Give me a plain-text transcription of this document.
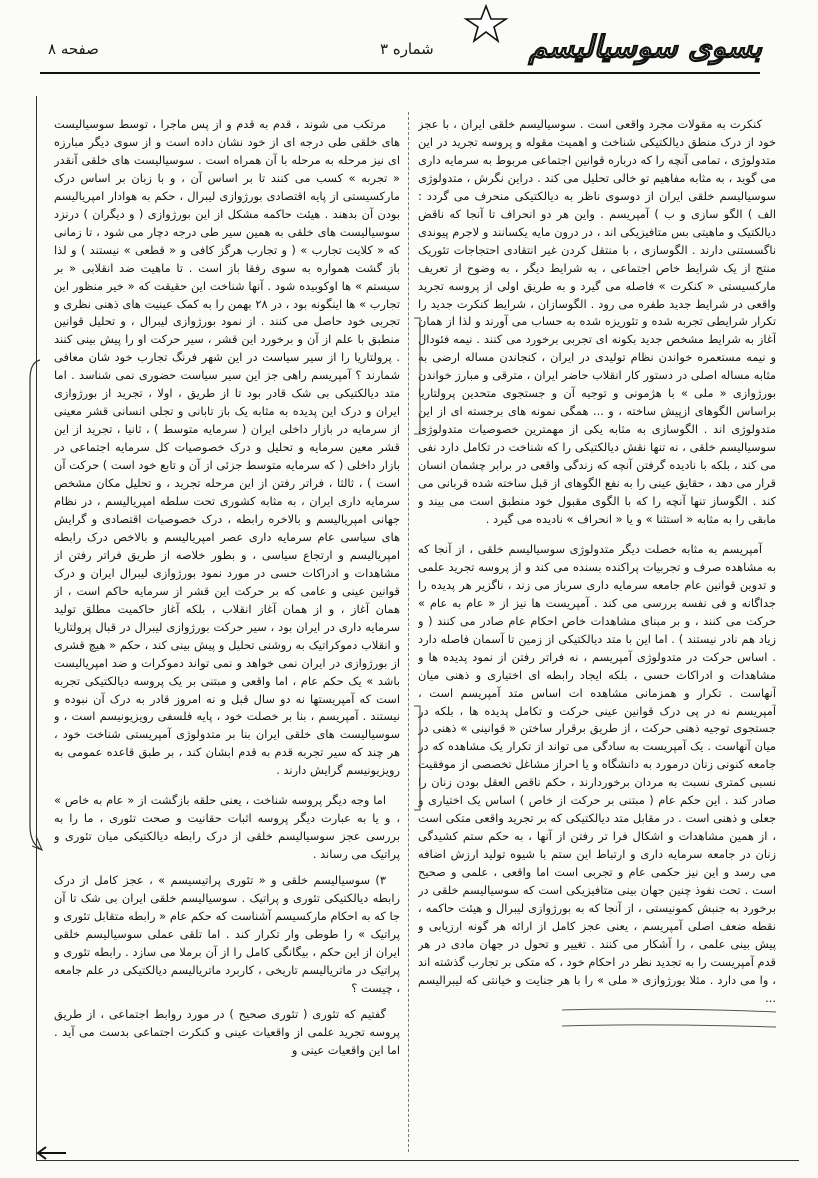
صفحه ۸	شماره ۳	بسوی سوسیالیسم

کنکرت به مقولات مجرد واقعی است . سوسیالیسم خلقی ایران ، با عجز خود از درک منطق دیالکتیکی شناخت و اهمیت مقوله و پروسه تجرید در این متدولوژی ، تمامی آنچه را که درباره قوانین اجتماعی مربوط به سرمایه داری می گوید ، به مثابه مفاهیم تو خالی تحلیل می کند . دراین نگرش ، متدولوژی سوسیالیسم خلقی ایران از دوسوی ناظر به دیالکتیکی منحرف می گردد : الف ) الگو سازی و ب ) آمپریسم . واین هر دو انحراف تا آنجا که ناقض دیالکتیک و ماهیتی بس متافیزیکی اند ، در درون مایه یکسانند و لاجرم پیوندی ناگسستنی دارند . الگوسازی ، با منتقل کردن غیر انتقادی احتجاجات تئوریک منتج از یک شرایط خاص اجتماعی ، به شرایط دیگر ، به وضوح از تعریف مارکسیستی « کنکرت » فاصله می گیرد و به طریق اولی از پروسه تجرید واقعی در شرایط جدید طفره می رود . الگوسازان ، شرایط کنکرت جدید را تکرار شرایطی تجربه شده و تئوریزه شده به حساب می آورند و لذا از همان آغاز به شرایط مشخص جدید بکونه ای تجربی برخورد می کنند . نیمه فئودال و نیمه مستعمره خواندن نظام تولیدی در ایران ، کنجاندن مساله ارضی به مثابه مساله اصلی در دستور کار انقلاب حاضر ایران ، مترقی و مبارز خواندن بورژوازی « ملی » با هژمونی و توجیه آن و جستجوی متحدین پرولتاریا براساس الگوهای ازپیش ساخته ، و ... همگی نمونه های برجسته ای از این متدولوژی اند . الگوسازی به مثابه یکی از مهمترین خصوصیات متدولوژی سوسیالیسم خلقی ، نه تنها نقش دیالکتیکی را که شناخت در تکامل دارد نفی می کند ، بلکه با نادیده گرفتن آنچه که زندگی واقعی در برابر چشمان انسان قرار می دهد ، حقایق عینی را به نفع الگوهای از قبل ساخته شده قربانی می کند . الگوساز تنها آنچه را که با الگوی مقبول خود منطبق است می بیند و مابقی را به مثابه « استثنا » و یا « انحراف » نادیده می گیرد .

آمپریسم به مثابه خصلت دیگر متدولوژی سوسیالیسم خلقی ، از آنجا که به مشاهده صرف و تجربیات پراکنده بسنده می کند و از پروسه تجرید علمی و تدوین قوانین عام جامعه سرمایه داری سرباز می زند ، ناگزیر هر پدیده را جداگانه و فی نفسه بررسی می کند . آمپریست ها نیز از « عام به عام » حرکت می کنند ، و بر مبنای مشاهدات خاص احکام عام صادر می کنند ( و زیاد هم نادر نیستند ) . اما این با متد دیالکتیکی از زمین تا آسمان فاصله دارد . اساس حرکت در متدولوژی آمپریسم ، نه فراتر رفتن از نمود پدیده ها و مشاهدات و ادراکات حسی ، بلکه ایجاد رابطه ای اختیاری و ذهنی میان آنهاست . تکرار و همزمانی مشاهده ات اساس متد آمپریسم است ، آمپریسم نه در پی درک قوانین عینی حرکت و تکامل پدیده ها ، بلکه در جستجوی توجیه ذهنی حرکت ، از طریق برقرار ساختن « قوانینی » ذهنی در میان آنهاست . یک آمپریست به سادگی می تواند از تکرار یک مشاهده که در جامعه کنونی زنان درمورد به دانشگاه و یا احراز مشاغل تخصصی از موفقیت نسبی کمتری نسبت به مردان برخوردارند ، حکم ناقص العقل بودن زنان را صادر کند . این حکم عام ( مبتنی بر حرکت از خاص ) اساس یک اختیاری و جعلی و ذهنی است . در مقابل متد دیالکتیکی که بر تجرید واقعی متکی است ، از همین مشاهدات و اشکال فرا تر رفتن از آنها ، به حکم ستم کشیدگی زنان در جامعه سرمایه داری و ارتباط این ستم با شیوه تولید ارزش اضافه می رسد و این نیز حکمی عام و تجربی است اما واقعی ، علمی و صحیح است . تحت نفوذ چنین جهان بینی متافیزیکی است که سوسیالیسم خلقی در برخورد به جنبش کمونیستی ، از آنجا که به بورژوازی لیبرال و هیئت حاکمه ، نقطه ضعف اصلی آمپریسم ، یعنی عجز کامل از ارائه هر گونه ارزیابی و پیش بینی علمی ، را آشکار می کنند . تغییر و تحول در جهان مادی در هر قدم آمپریست را به تجدید نظر در احکام خود ، که متکی بر تجارب گذشته اند ، وا می دارد . مثلا بورژوازی « ملی » را با هر جنایت و خیانتی که لیبرالیسم ...

مرتکب می شوند ، قدم به قدم و از پس ماجرا ، توسط سوسیالیست های خلقی طی درجه ای از خود نشان داده است و از سوی دیگر مبارزه ای نیز مرحله به مرحله با آن همراه است . سوسیالیست های خلقی آنقدر « تجربه » کسب می کنند تا بر اساس آن ، و با زبان بر اساس درک مارکسیستی از پایه اقتصادی بورژوازی لیبرال ، حکم به هوادار امپریالیسم بودن آن بدهند . هیئت حاکمه مشکل از این بورژوازی ( و دیگران ) درنزد سوسیالیست های خلقی به همین سیر طی درجه دچار می شود ، تا زمانی که « کلایت تجارب » ( و تجارب هرگز کافی و « قطعی » نیستند ) و لذا باز گشت همواره به سوی رفقا باز است . تا ماهیت ضد انقلابی « بر سیستم » ها اوکوبیده شود . آنها شناخت این حقیقت که « خیر منظور این تجارب » ها اینگونه بود ، در ۲۸ بهمن را به کمک عینیت های ذهنی نظری و تجربی خود حاصل می کنند . از نمود بورژوازی لیبرال ، و تحلیل قوانین منطبق با علم از آن و برخورد این قشر ، سیر حرکت او را پیش بینی کنند . پرولتاریا را از سیر سیاست در این شهر فرنگ تجارب خود شان معافی شمارند ؟ آمپریسم راهی جز این سیر سیاست حضوری نمی شناسد . اما متد دیالکتیکی بی شک قادر بود تا از طریق ، اولا ، تجرید از بورژوازی ایران و درک این پدیده به مثابه یک باز تابانی و تجلی انسانی قشر معینی از سرمایه در بازار داخلی ایران ( سرمایه متوسط ) ، ثانیا ، تجرید از این قشر معین سرمایه و تحلیل و درک خصوصیات کل سرمایه اجتماعی در بازار داخلی ( که سرمایه متوسط جزئی از آن و تابع خود است ) حرکت آن است ) ، ثالثا ، فراتر رفتن از این مرحله تجرید ، و تحلیل مکان مشخص سرمایه داری ایران ، به مثابه کشوری تحت سلطه امپریالیسم ، در نظام جهانی امپریالیسم و بالاخره رابطه ، درک خصوصیات اقتصادی و گرایش های سیاسی عام سرمایه داری عصر امپریالیسم و بالاخص درک رابطه امپریالیسم و ارتجاع سیاسی ، و بطور خلاصه از طریق فراتر رفتن از مشاهدات و ادراکات حسی در مورد نمود بورژوازی لیبرال ایران و درک قوانین عینی و عامی که بر حرکت این قشر از سرمایه حاکم است ، از همان آغاز ، و از همان آغاز انقلاب ، بلکه آغاز حاکمیت مطلق تولید سرمایه داری در ایران بود ، سیر حرکت بورژوازی لیبرال در قبال پرولتاریا و انقلاب دموکراتیک به روشنی تحلیل و پیش بینی کند ، حکم « هیچ قشری از بورژوازی در ایران نمی خواهد و نمی تواند دموکرات و ضد امپریالیست باشد » یک حکم عام ، اما واقعی و مبتنی بر یک پروسه دیالکتیکی تجربه است که آمپریستها نه دو سال قبل و نه امروز قادر به درک آن نبوده و نیستند . آمپریسم ، بنا بر خصلت خود ، پایه فلسفی رویزیونیسم است ، و سوسیالیست های خلقی ایران بنا بر متدولوژی آمپریستی شناخت خود ، هر چند که سیر تجربه قدم به قدم ابشان کند ، بر طبق قاعده عمومی به رویزیونیسم گرایش دارند .

اما وجه دیگر پروسه شناخت ، یعنی حلقه بازگشت از « عام به خاص » ، و یا به عبارت دیگر پروسه اثبات حقانیت و صحت تئوری ، ما را به بررسی عجز سوسیالیسم خلقی از درک رابطه دیالکتیکی میان تئوری و پراتیک می رساند .

۳) سوسیالیسم خلقی و « تئوری پراتیسیسم » ، عجز کامل از درک رابطه دیالکتیکی تئوری و پراتیک . سوسیالیسم خلقی ایران بی شک تا آن جا که به احکام مارکسیسم آشناست که حکم عام « رابطه متقابل تئوری و پراتیک » را طوطی وار تکرار کند . اما تلقی عملی سوسیالیسم خلقی ایران از این حکم ، بیگانگی کامل را از آن برملا می سازد . رابطه تئوری و پراتیک در ماتریالیسم تاریخی ، کاربرد ماتریالیسم دیالکتیکی در علم جامعه ، چیست ؟

گفتیم که تئوری ( تئوری صحیح ) در مورد روابط اجتماعی ، از طریق پروسه تجرید علمی از واقعیات عینی و کنکرت اجتماعی بدست می آید . اما این واقعیات عینی و
